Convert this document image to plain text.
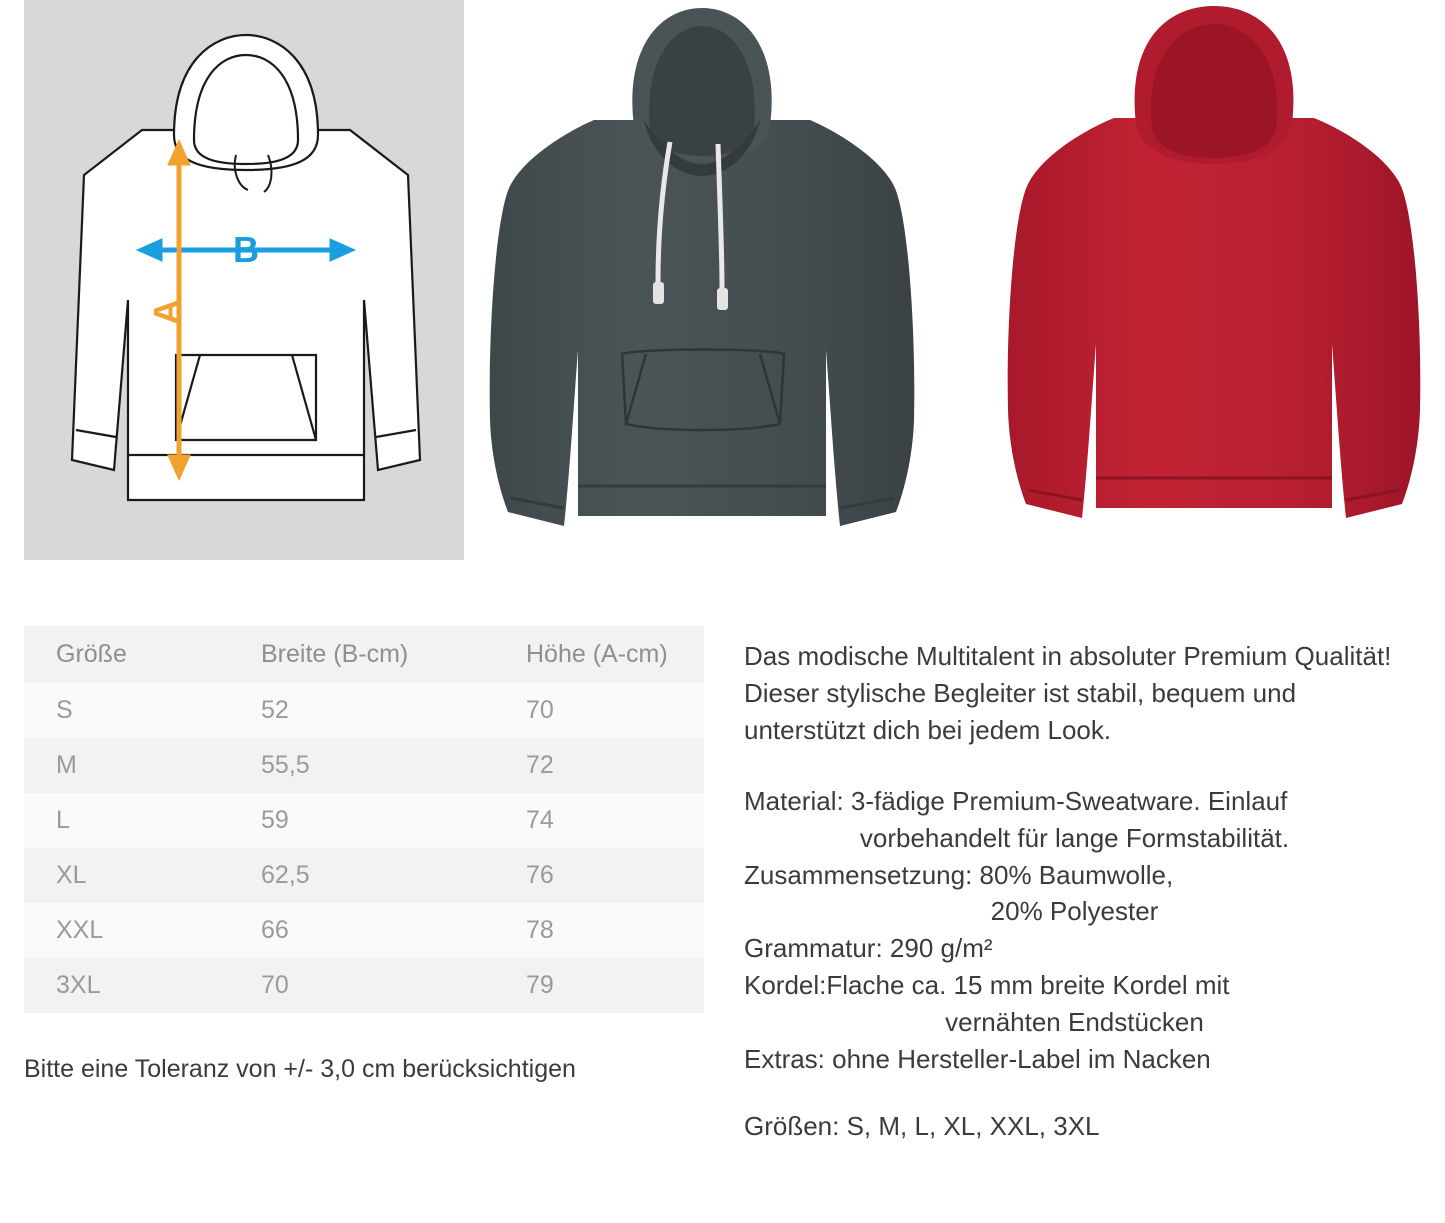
B
A
Größe	Breite (B-cm)	Höhe (A-cm)
S	52	70
M	55,5	72
L	59	74
XL	62,5	76
XXL	66	78
3XL	70	79
Bitte eine Toleranz von +/- 3,0 cm berücksichtigen

Das modische Multitalent in absoluter Premium Qualität! Dieser stylische Begleiter ist stabil, bequem und unterstützt dich bei jedem Look.

Material: 3-fädige Premium-Sweatware. Einlauf

vorbehandelt für lange Formstabilität.

Zusammensetzung: 80% Baumwolle,

20% Polyester

Grammatur: 290 g/m²

Kordel:Flache ca. 15 mm breite Kordel mit

vernähten Endstücken

Extras: ohne Hersteller-Label im Nacken

Größen: S, M, L, XL, XXL, 3XL
